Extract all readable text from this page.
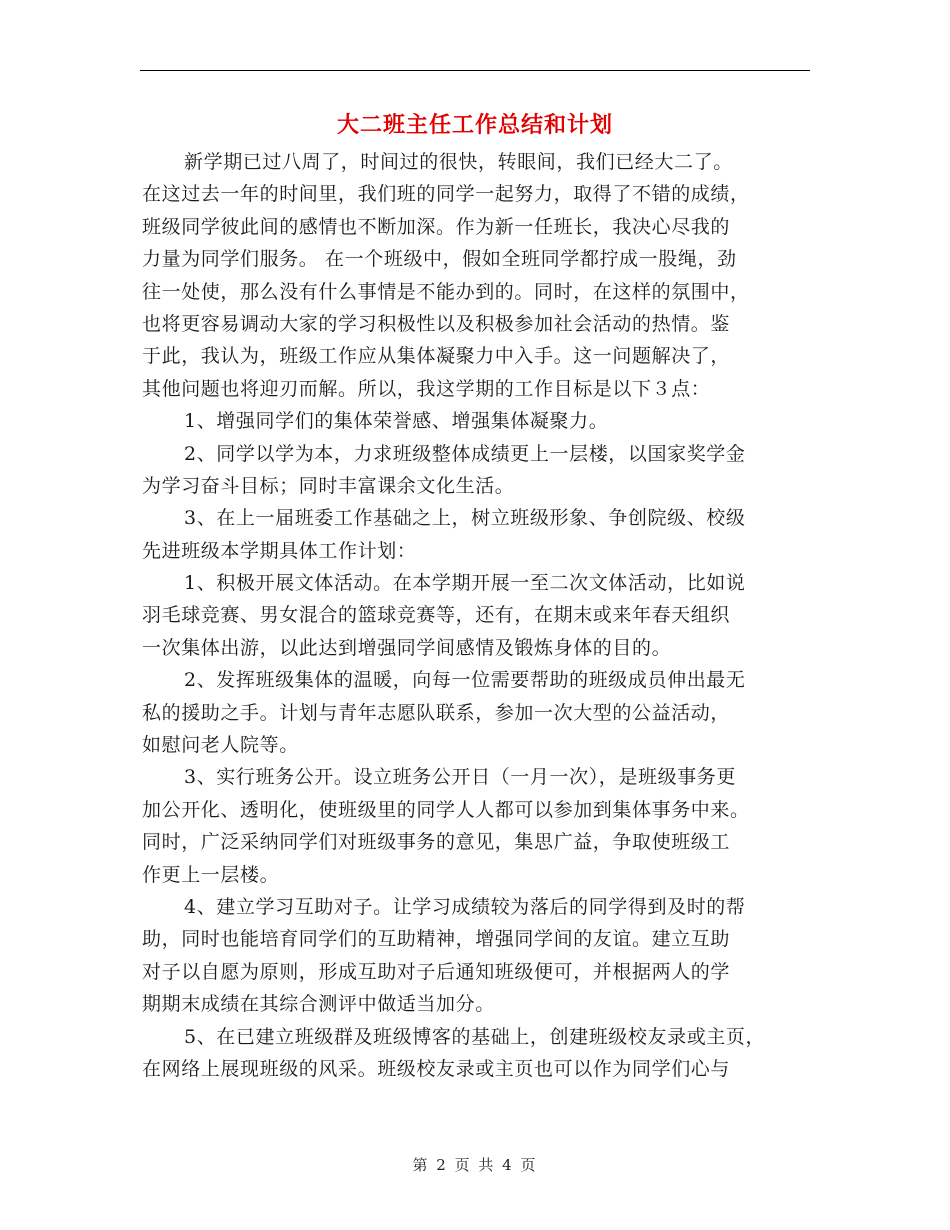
大二班主任工作总结和计划
新学期已过八周了，时间过的很快，转眼间，我们已经大二了。
在这过去一年的时间里，我们班的同学一起努力，取得了不错的成绩，
班级同学彼此间的感情也不断加深。作为新一任班长，我决心尽我的
力量为同学们服务。 在一个班级中，假如全班同学都拧成一股绳，劲
往一处使，那么没有什么事情是不能办到的。同时，在这样的氛围中，
也将更容易调动大家的学习积极性以及积极参加社会活动的热情。鉴
于此，我认为，班级工作应从集体凝聚力中入手。这一问题解决了，
其他问题也将迎刃而解。所以，我这学期的工作目标是以下３点：
1、增强同学们的集体荣誉感、增强集体凝聚力。
2、同学以学为本，力求班级整体成绩更上一层楼，以国家奖学金
为学习奋斗目标；同时丰富课余文化生活。
3、在上一届班委工作基础之上，树立班级形象、争创院级、校级
先进班级本学期具体工作计划：
1、积极开展文体活动。在本学期开展一至二次文体活动，比如说
羽毛球竞赛、男女混合的篮球竞赛等，还有，在期末或来年春天组织
一次集体出游，以此达到增强同学间感情及锻炼身体的目的。
2、发挥班级集体的温暖，向每一位需要帮助的班级成员伸出最无
私的援助之手。计划与青年志愿队联系，参加一次大型的公益活动，
如慰问老人院等。
3、实行班务公开。设立班务公开日（一月一次），是班级事务更
加公开化、透明化，使班级里的同学人人都可以参加到集体事务中来。
同时，广泛采纳同学们对班级事务的意见，集思广益，争取使班级工
作更上一层楼。
4、建立学习互助对子。让学习成绩较为落后的同学得到及时的帮
助，同时也能培育同学们的互助精神，增强同学间的友谊。建立互助
对子以自愿为原则，形成互助对子后通知班级便可，并根据两人的学
期期末成绩在其综合测评中做适当加分。
5、在已建立班级群及班级博客的基础上，创建班级校友录或主页，
在网络上展现班级的风采。班级校友录或主页也可以作为同学们心与
第 2 页 共 4 页
